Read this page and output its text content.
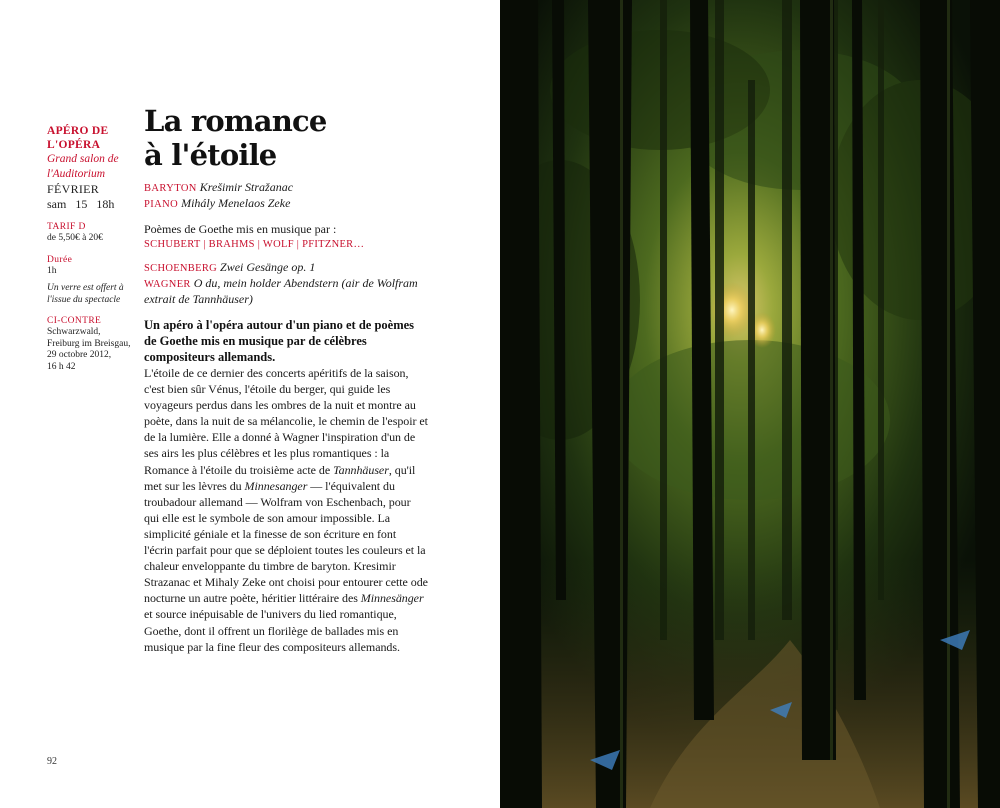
APÉRO DE
L'OPÉRA
Grand salon de
l'Auditorium
FÉVRIER
sam 15 18h
TARIF D
de 5,50€ à 20€
Durée
1h
Un verre est offert à
l'issue du spectacle
CI-CONTRE
Schwarzwald,
Freiburg im Breisgau,
29 octobre 2012,
16 h 42
La romance
à l'étoile
BARYTON Krešimir Stražanac
PIANO Mihály Menelaos Zeke
Poèmes de Goethe mis en musique par :
SCHUBERT | BRAHMS | WOLF | PFITZNER…
SCHOENBERG Zwei Gesänge op. 1
WAGNER O du, mein holder Abendstern (air de Wolfram extrait de Tannhäuser)
Un apéro à l'opéra autour d'un piano et de poèmes de Goethe mis en musique par de célèbres compositeurs allemands.

L'étoile de ce dernier des concerts apéritifs de la saison, c'est bien sûr Vénus, l'étoile du berger, qui guide les voyageurs perdus dans les ombres de la nuit et montre au poète, dans la nuit de sa mélancolie, le chemin de l'espoir et de la lumière. Elle a donné à Wagner l'inspiration d'un de ses airs les plus célèbres et les plus romantiques : la Romance à l'étoile du troisième acte de Tannhäuser, qu'il met sur les lèvres du Minnesanger — l'équivalent du troubadour allemand — Wolfram von Eschenbach, pour qui elle est le symbole de son amour impossible. La simplicité géniale et la finesse de son écriture en font l'écrin parfait pour que se déploient toutes les couleurs et la chaleur enveloppante du timbre de baryton. Kresimir Strazanac et Mihaly Zeke ont choisi pour entourer cette ode nocturne un autre poète, héritier littéraire des Minnesänger et source inépuisable de l'univers du lied romantique, Goethe, dont il offrent un florilège de ballades mis en musique par la fine fleur des compositeurs allemands.

92
